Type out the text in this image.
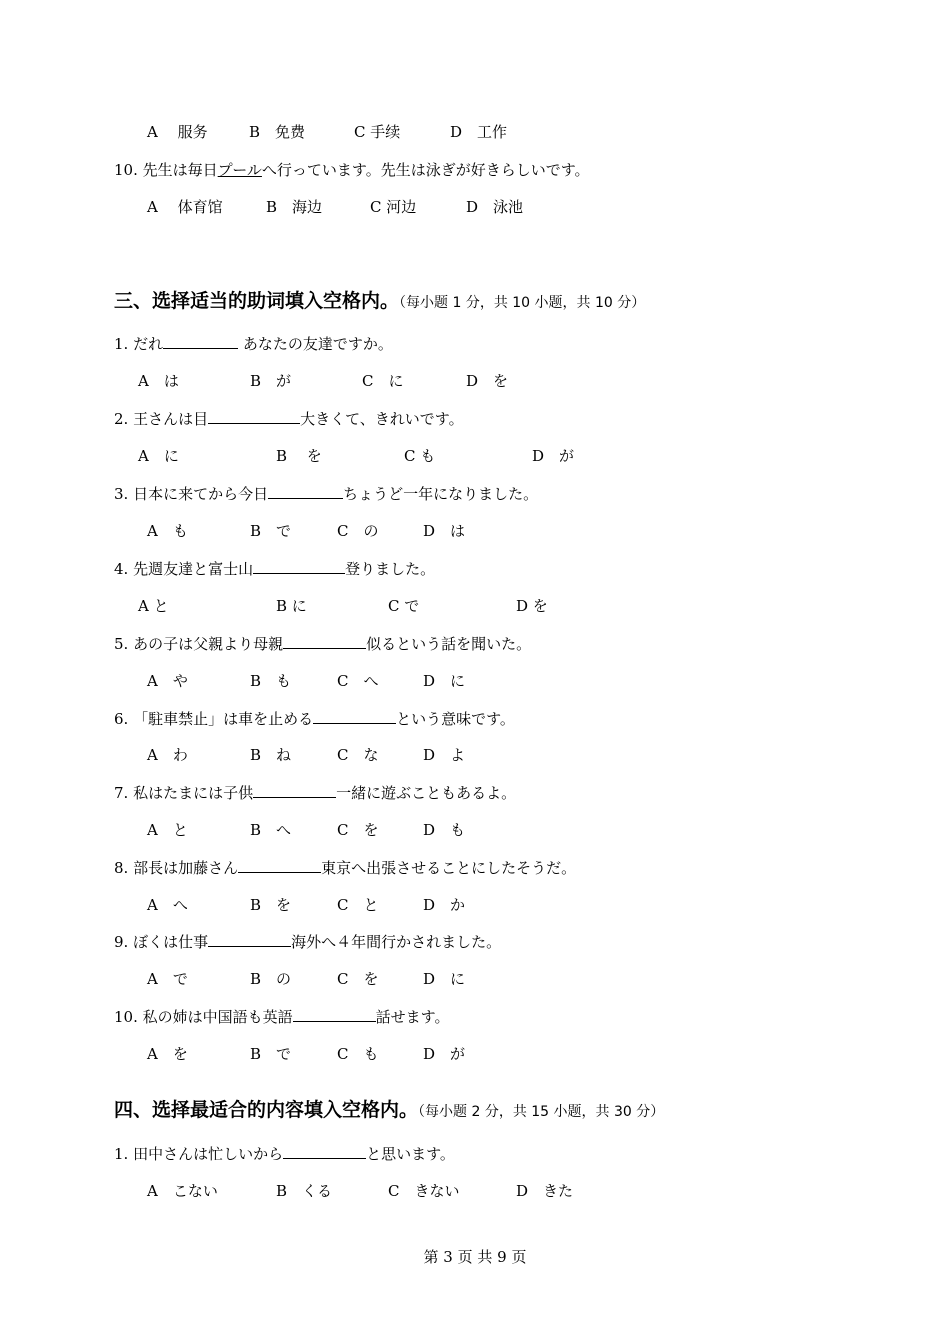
A　 服务	B　免费	C 手续	D　工作
10. 先生は毎日プールへ行っています。先生は泳ぎが好きらしいです。
A　 体育馆	B　海边	C 河边	D　泳池
三、选择适当的助词填入空格内。（每小题 1 分，共 10 小题，共 10 分）
1. だれ	あなたの友達ですか。
A　は	B　が	C　に	D　を
2. 王さんは目	大きくて、きれいです。
A　に	B　 を	C も	D　が
3. 日本に来てから今日	ちょうど一年になりました。
A　も	B　で	C　の	D　は
4. 先週友達と富士山	登りました。
A と	B に	C で	D を
5. あの子は父親より母親	似るという話を聞いた。
A　や	B　も	C　へ	D　に
6. 「駐車禁止」は車を止める	という意味です。
A　わ	B　ね	C　な	D　よ
7. 私はたまには子供	一緒に遊ぶこともあるよ。
A　と	B　へ	C　を	D　も
8. 部長は加藤さん	東京へ出張させることにしたそうだ。
A　へ	B　を	C　と	D　か
9. ぼくは仕事	海外へ４年間行かされました。
A　で	B　の	C　を	D　に
10. 私の姉は中国語も英語	話せます。
A　を	B　で	C　も	D　が
四、选择最适合的内容填入空格内。（每小题 2 分，共 15 小题，共 30 分）
1. 田中さんは忙しいから	と思います。
A　こない	B　くる	C　きない	D　きた
第 3 页 共 9 页
